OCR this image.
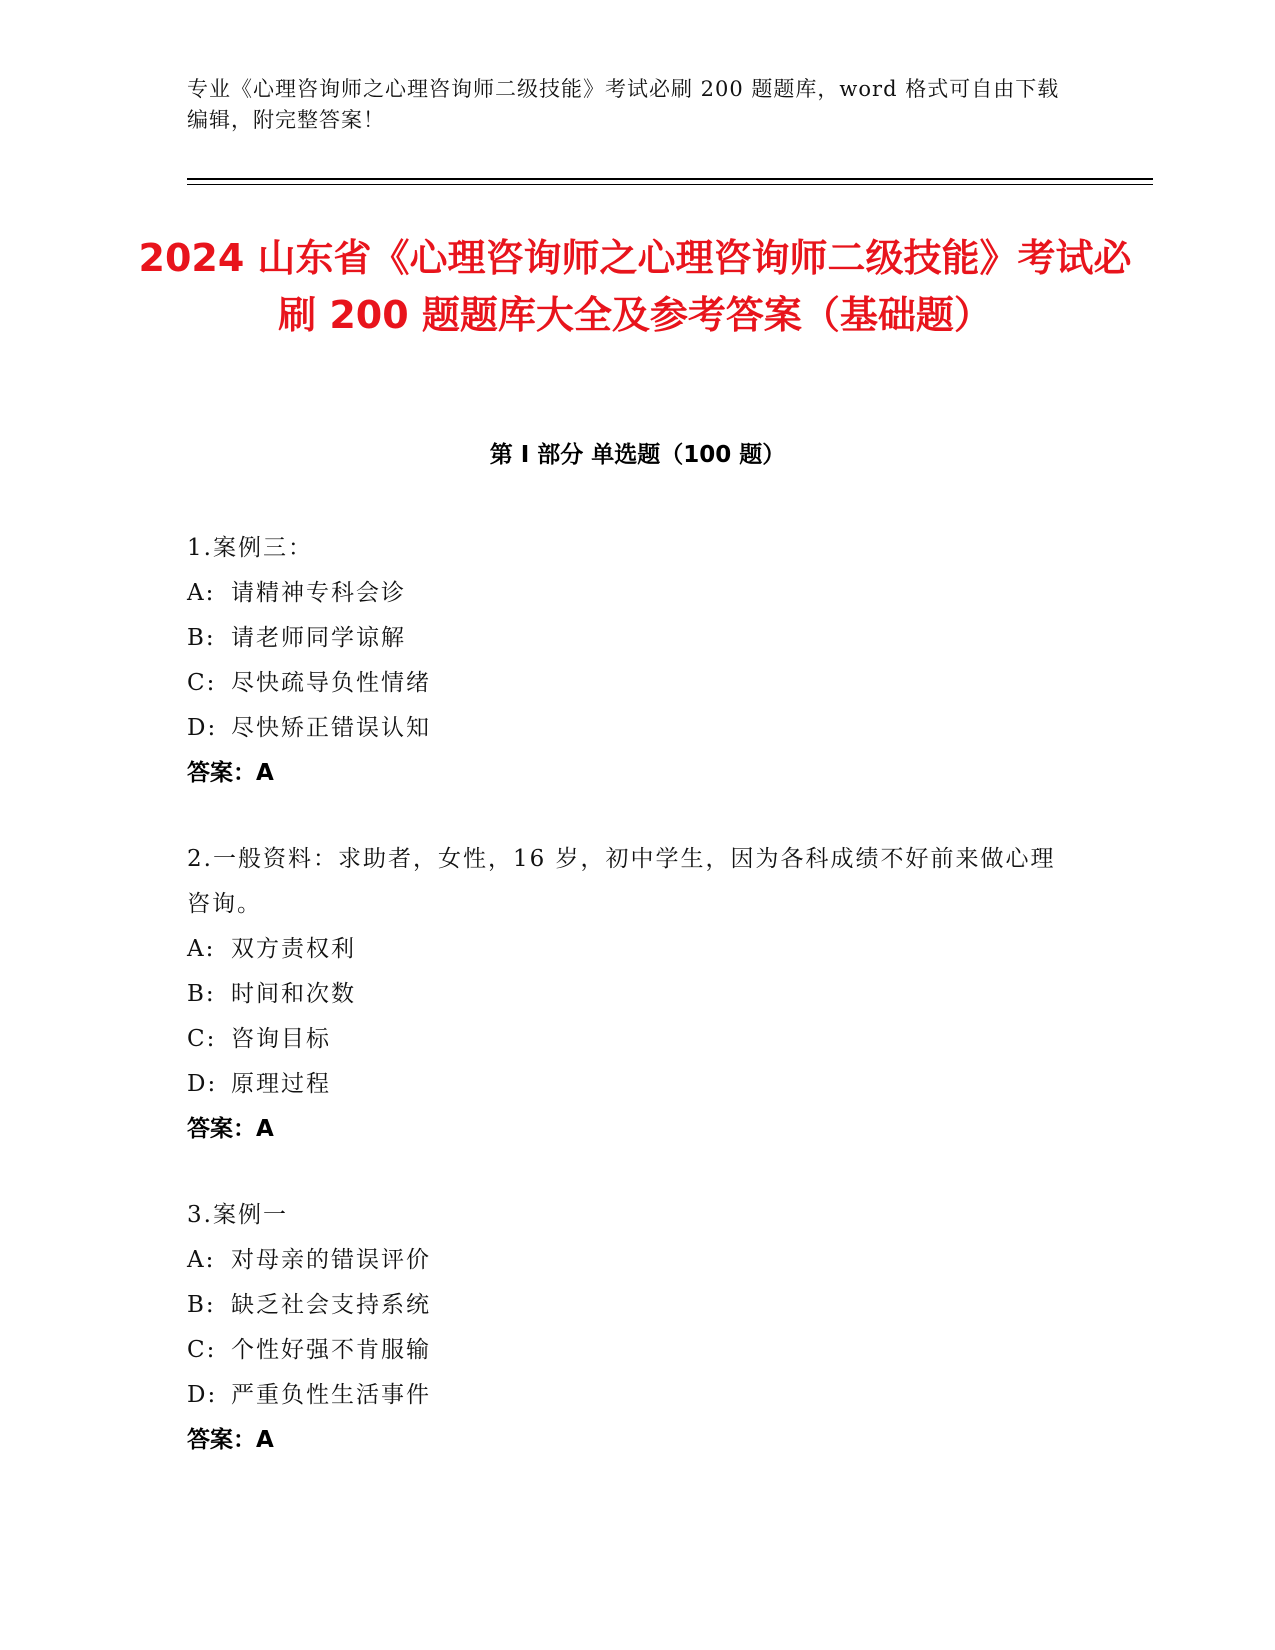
专业《心理咨询师之心理咨询师二级技能》考试必刷 200 题题库，word 格式可自由下载编辑，附完整答案！
2024 山东省《心理咨询师之心理咨询师二级技能》考试必刷 200 题题库大全及参考答案（基础题）
第 I 部分 单选题（100 题）
1.案例三：
A: 请精神专科会诊
B: 请老师同学谅解
C: 尽快疏导负性情绪
D: 尽快矫正错误认知
答案：A
2.一般资料：求助者，女性，16 岁，初中学生，因为各科成绩不好前来做心理咨询。
A: 双方责权利
B: 时间和次数
C: 咨询目标
D: 原理过程
答案：A
3.案例一
A: 对母亲的错误评价
B: 缺乏社会支持系统
C: 个性好强不肯服输
D: 严重负性生活事件
答案：A
